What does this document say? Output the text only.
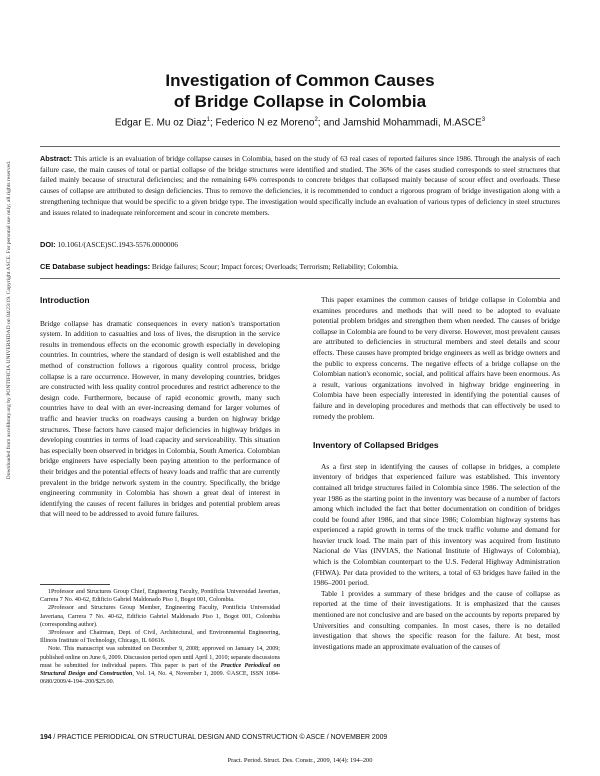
Downloaded from ascelibrary.org by PONTIFICIA UNIVERSIDAD on 04/23/19. Copyright ASCE. For personal use only; all rights reserved.
Investigation of Common Causes
of Bridge Collapse in Colombia
Edgar E. Mu oz Diaz$^1$; Federico N ez Moreno$^2$; and Jamshid Mohammadi, M.ASCE$^3$
Abstract: This article is an evaluation of bridge collapse causes in Colombia, based on the study of 63 real cases of reported failures since 1986. Through the analysis of each failure case, the main causes of total or partial collapse of the bridge structures were identified and studied. The 36% of the cases studied corresponds to steel structures that failed mainly because of structural deficiencies; and the remaining 64% corresponds to concrete bridges that collapsed mainly because of scour effect and overloads. These causes of collapse are attributed to design deficiencies. Thus to remove the deficiencies, it is recommended to conduct a rigorous program of bridge investigation along with a strengthening technique that would be specific to a given bridge type. The investigation would specifically include an evaluation of various types of deficiency in steel structures and issues related to inadequate reinforcement and scour in concrete members.
DOI: 10.1061/(ASCE)SC.1943-5576.0000006
CE Database subject headings: Bridge failures; Scour; Impact forces; Overloads; Terrorism; Reliability; Colombia.

Introduction

Bridge collapse has dramatic consequences in every nation's transportation system. In addition to casualties and loss of lives, the disruption in the service results in tremendous effects on the economic growth especially in developing countries. In countries, where the standard of design is well established and the method of construction follows a rigorous quality control process, bridge collapse is a rare occurrence. However, in many developing countries, bridges are constructed with less quality control procedures and restrict adherence to the design code. Furthermore, because of rapid economic growth, many such countries have to deal with an ever-increasing demand for larger volumes of traffic and heavier trucks on roadways causing a burden on highway bridge structures. These factors have caused major deficiencies in highway bridges in developing countries in terms of load capacity and serviceability. This situation has especially been observed in bridges in Colombia, South America. Colombian bridge engineers have especially been paying attention to the performance of their bridges and the potential effects of heavy loads and traffic that are currently prevalent in the bridge network system in the country. Specifically, the bridge engineering community in Colombia has shown a great deal of interest in identifying the causes of recent failures in bridges and potential problem areas that will need to be addressed to avoid future failures.

1Professor and Structures Group Chief, Engineering Faculty, Pontificia Universidad Javerian, Carrera 7 No. 40-62, Edificio Gabriel Maldonado Piso 1, Bogot 001, Colombia.

2Professor and Structures Group Member, Engineering Faculty, Pontificia Universidad Javeriana, Carrera 7 No. 40-62, Edificio Gabriel Maldonado Piso 1, Bogot 001, Colombia (corresponding author).

3Professor and Chairman, Dept. of Civil, Architectural, and Environmental Engineering, Illinois Institute of Technology, Chicago, IL 60616.

Note. This manuscript was submitted on December 9, 2008; approved on January 14, 2009; published online on June 6, 2009. Discussion period open until April 1, 2010; separate discussions must be submitted for individual papers. This paper is part of the Practice Periodical on Structural Design and Construction, Vol. 14, No. 4, November 1, 2009. ©ASCE, ISSN 1084-0680/2009/4-194–200/$25.00.

This paper examines the common causes of bridge collapse in Colombia and examines procedures and methods that will need to be adopted to evaluate potential problem bridges and strengthen them when needed. The causes of bridge collapse in Colombia are found to be very diverse. However, most prevalent causes are attributed to deficiencies in structural members and steel details and scour effects. These causes have prompted bridge engineers as well as bridge owners and the public to express concerns. The negative effects of a bridge collapse on the Colombian nation's economic, social, and political affairs have been enormous. As a result, various organizations involved in highway bridge engineering in Colombia have been especially interested in identifying the potential causes of failure and in developing procedures and methods that can effectively be used to remedy the problem.

Inventory of Collapsed Bridges

As a first step in identifying the causes of collapse in bridges, a complete inventory of bridges that experienced failure was established. This inventory contained all bridge structures failed in Colombia since 1986. The selection of the year 1986 as the starting point in the inventory was because of a number of factors among which included the fact that better documentation on condition of bridges could be found after 1986, and that since 1986; Colombian highway systems has experienced a rapid growth in terms of the truck traffic volume and demand for heavier truck load. The main part of this inventory was acquired from Instituto Nacional de Vías (INVIAS, the National Institute of Highways of Colombia), which is the Colombian counterpart to the U.S. Federal Highway Administration (FHWA). Per data provided to the writers, a total of 63 bridges have failed in the 1986–2001 period.

Table 1 provides a summary of these bridges and the cause of collapse as reported at the time of their investigations. It is emphasized that the causes mentioned are not conclusive and are based on the accounts by reports prepared by Universities and consulting companies. In most cases, there is no detailed investigation that shows the specific reason for the failure. At best, most investigations made an approximate evaluation of the causes of

194 / PRACTICE PERIODICAL ON STRUCTURAL DESIGN AND CONSTRUCTION © ASCE / NOVEMBER 2009
Pract. Period. Struct. Des. Constr., 2009, 14(4): 194–200
